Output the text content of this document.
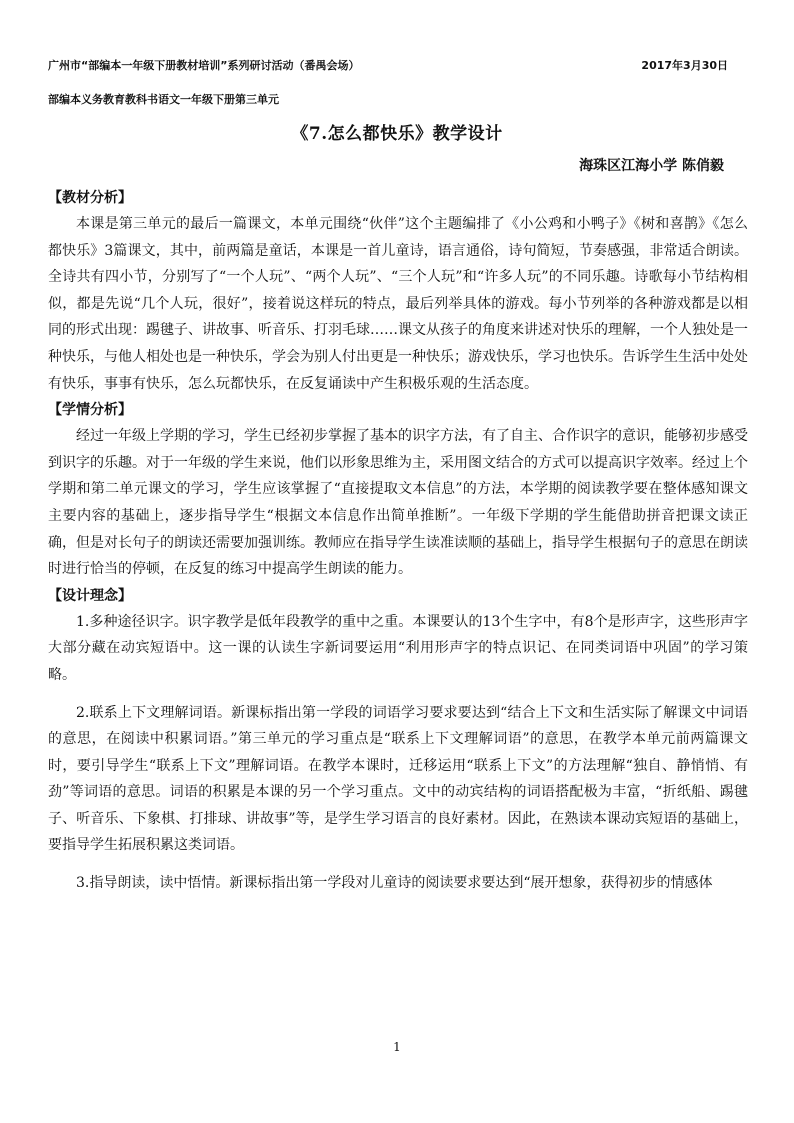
广州市“部编本一年级下册教材培训”系列研讨活动（番禺会场）	2017年3月30日
部编本义务教育教科书语文一年级下册第三单元
《7.怎么都快乐》教学设计
海珠区江海小学 陈俏毅
【教材分析】

本课是第三单元的最后一篇课文，本单元围绕“伙伴”这个主题编排了《小公鸡和小鸭子》《树和喜鹊》《怎么都快乐》3篇课文，其中，前两篇是童话，本课是一首儿童诗，语言通俗，诗句简短，节奏感强，非常适合朗读。全诗共有四小节，分别写了“一个人玩”、“两个人玩”、“三个人玩”和“许多人玩”的不同乐趣。诗歌每小节结构相似，都是先说“几个人玩，很好”，接着说这样玩的特点，最后列举具体的游戏。每小节列举的各种游戏都是以相同的形式出现：踢毽子、讲故事、听音乐、打羽毛球……课文从孩子的角度来讲述对快乐的理解，一个人独处是一种快乐，与他人相处也是一种快乐，学会为别人付出更是一种快乐；游戏快乐，学习也快乐。告诉学生生活中处处有快乐，事事有快乐，怎么玩都快乐，在反复诵读中产生积极乐观的生活态度。

【学情分析】

经过一年级上学期的学习，学生已经初步掌握了基本的识字方法，有了自主、合作识字的意识，能够初步感受到识字的乐趣。对于一年级的学生来说，他们以形象思维为主，采用图文结合的方式可以提高识字效率。经过上个学期和第二单元课文的学习，学生应该掌握了“直接提取文本信息”的方法，本学期的阅读教学要在整体感知课文主要内容的基础上，逐步指导学生“根据文本信息作出简单推断”。一年级下学期的学生能借助拼音把课文读正确，但是对长句子的朗读还需要加强训练。教师应在指导学生读准读顺的基础上，指导学生根据句子的意思在朗读时进行恰当的停顿，在反复的练习中提高学生朗读的能力。

【设计理念】

1.多种途径识字。识字教学是低年段教学的重中之重。本课要认的13个生字中，有8个是形声字，这些形声字大部分藏在动宾短语中。这一课的认读生字新词要运用“利用形声字的特点识记、在同类词语中巩固”的学习策略。

2.联系上下文理解词语。新课标指出第一学段的词语学习要求要达到“结合上下文和生活实际了解课文中词语的意思，在阅读中积累词语。”第三单元的学习重点是“联系上下文理解词语”的意思，在教学本单元前两篇课文时，要引导学生“联系上下文”理解词语。在教学本课时，迁移运用“联系上下文”的方法理解“独自、静悄悄、有劲”等词语的意思。词语的积累是本课的另一个学习重点。文中的动宾结构的词语搭配极为丰富，“折纸船、踢毽子、听音乐、下象棋、打排球、讲故事”等，是学生学习语言的良好素材。因此，在熟读本课动宾短语的基础上，要指导学生拓展积累这类词语。

3.指导朗读，读中悟情。新课标指出第一学段对儿童诗的阅读要求要达到“展开想象，获得初步的情感体

1
